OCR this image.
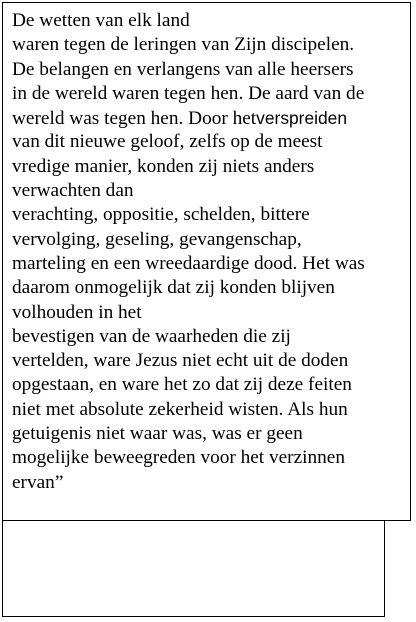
De wetten van elk land
waren tegen de leringen van Zijn discipelen.
De belangen en verlangens van alle heersers
in de wereld waren tegen hen. De aard van de
wereld was tegen hen. Door hetverspreiden
van dit nieuwe geloof, zelfs op de meest
vredige manier, konden zij niets anders
verwachten dan
verachting, oppositie, schelden, bittere
vervolging, geseling, gevangenschap,
marteling en een wreedaardige dood. Het was
daarom onmogelijk dat zij konden blijven
volhouden in het
bevestigen van de waarheden die zij
vertelden, ware Jezus niet echt uit de doden
opgestaan, en ware het zo dat zij deze feiten
niet met absolute zekerheid wisten. Als hun
getuigenis niet waar was, was er geen
mogelijke beweegreden voor het verzinnen
ervan”
